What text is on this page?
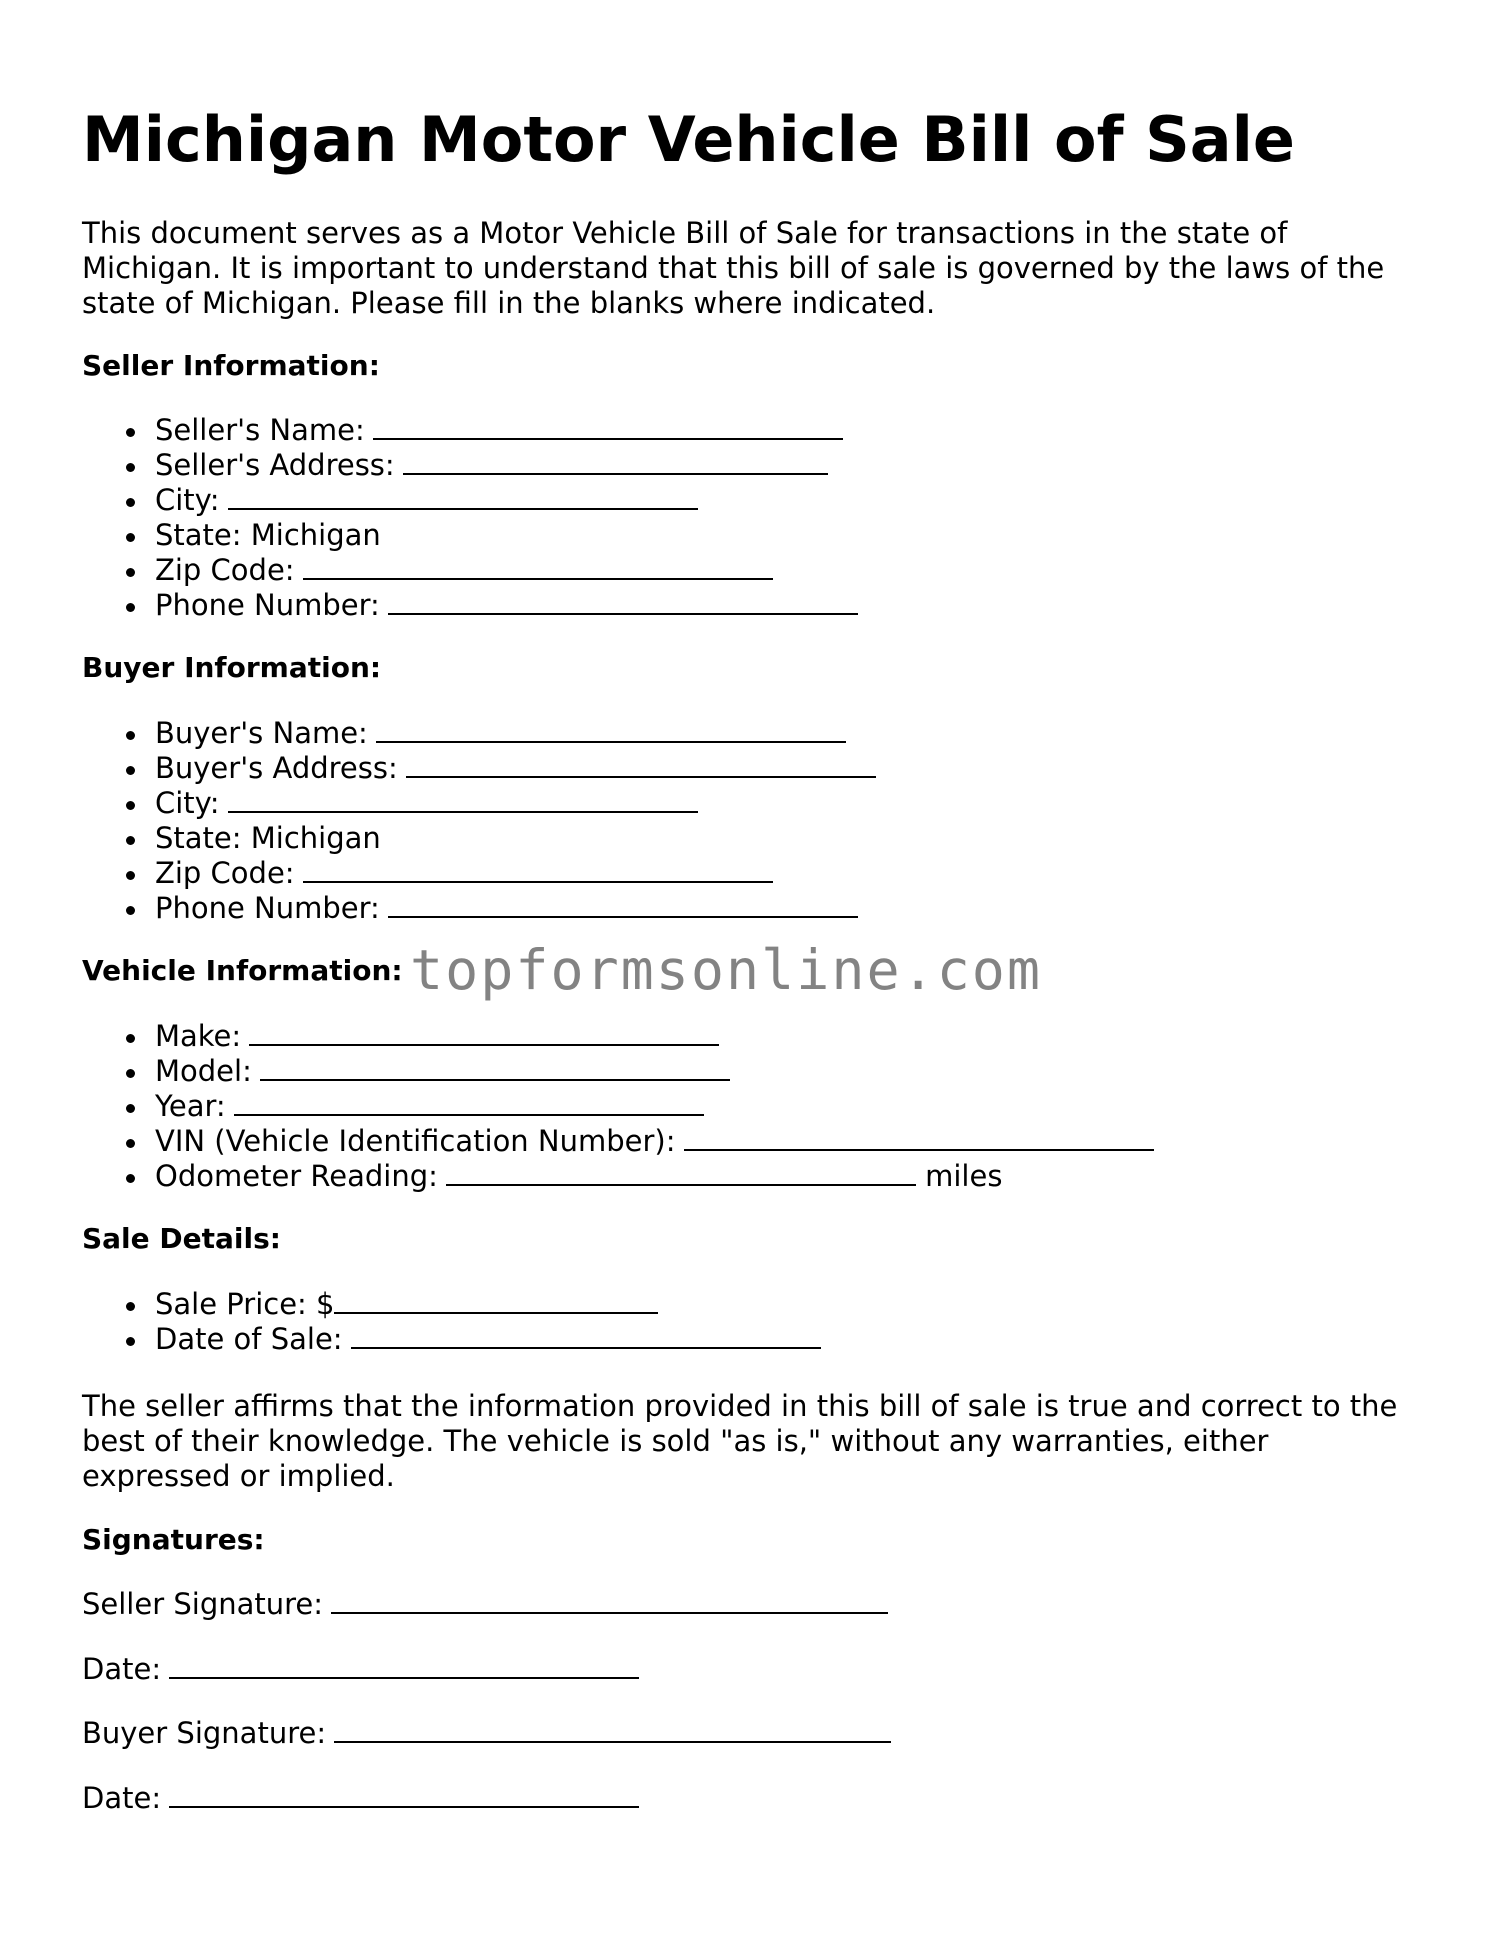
Michigan Motor Vehicle Bill of Sale

This document serves as a Motor Vehicle Bill of Sale for transactions in the state of Michigan. It is important to understand that this bill of sale is governed by the laws of the state of Michigan. Please fill in the blanks where indicated.

Seller Information:
Seller's Name:
Seller's Address:
City:
State: Michigan
Zip Code:
Phone Number:
Buyer Information:
Buyer's Name:
Buyer's Address:
City:
State: Michigan
Zip Code:
Phone Number:
Vehicle Information:
Make:
Model:
Year:
VIN (Vehicle Identification Number):
Odometer Reading:	miles
Sale Details:
Sale Price: $
Date of Sale:

The seller affirms that the information provided in this bill of sale is true and correct to the best of their knowledge. The vehicle is sold "as is," without any warranties, either expressed or implied.

Signatures:
Seller Signature:
Date:
Buyer Signature:
Date:
topformsonline.com
